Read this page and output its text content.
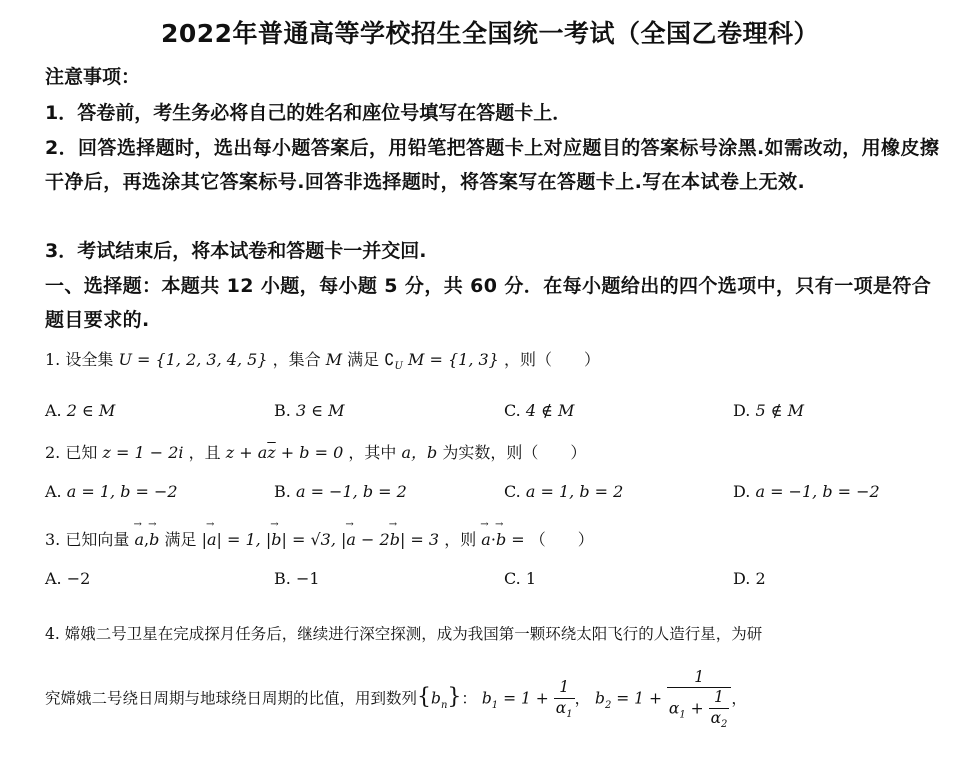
2022年普通高等学校招生全国统一考试（全国乙卷理科）
注意事项：
1．答卷前，考生务必将自己的姓名和座位号填写在答题卡上．
2．回答选择题时，选出每小题答案后，用铅笔把答题卡上对应题目的答案标号涂黑.如需改动，用橡皮擦干净后，再选涂其它答案标号.回答非选择题时，将答案写在答题卡上.写在本试卷上无效.
3．考试结束后，将本试卷和答题卡一并交回.
一、选择题：本题共 12 小题，每小题 5 分，共 60 分．在每小题给出的四个选项中，只有一项是符合题目要求的.
1. 设全集 U = {1, 2, 3, 4, 5} ，集合 M 满足 $∁_U$ M = {1, 3} ，则（　　）
A. 2 ∈ M	B. 3 ∈ M	C. 4 ∉ M	D. 5 ∉ M
2. 已知 z = 1 − 2i ，且 $z + a\overline{z} + b = 0$ ，其中 a，b 为实数，则（　　）
A. a = 1, b = −2	B. a = −1, b = 2	C. a = 1, b = 2	D. a = −1, b = −2
3. 已知向量 → a,→ b 满足 |→ a| = 1, |→ b| = √3, |→ a − 2→ b| = 3 ，则 → a·→ b = （　　）
A. −2	B. −1	C. 1	D. 2
4. 嫦娥二号卫星在完成探月任务后，继续进行深空探测，成为我国第一颗环绕太阳飞行的人造行星，为研
究嫦娥二号绕日周期与地球绕日周期的比值，用到数列$\{b_n\}$： $b_1 = 1 + \frac{1}{\alpha_1}$ ， $b_2 = 1 + \frac{1}{\alpha_1 + \frac{1}{\alpha_2}}$ ，
